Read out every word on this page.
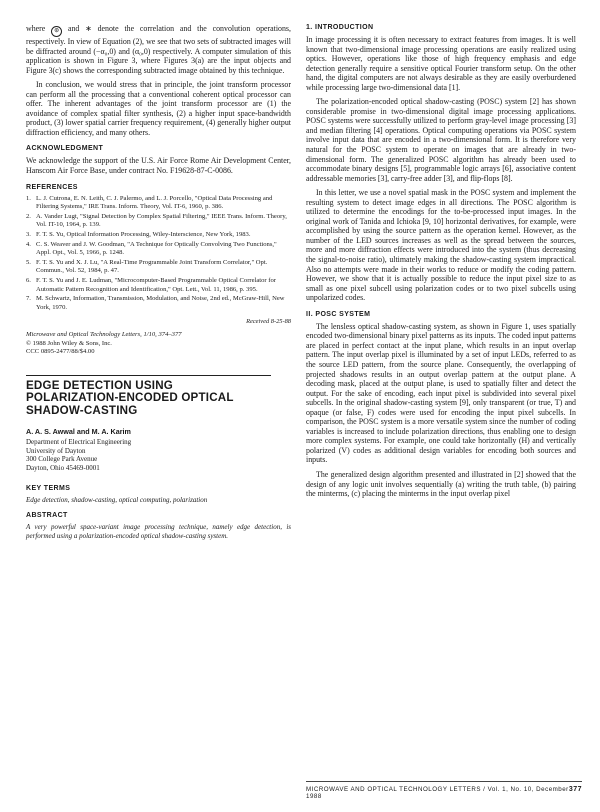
where ⊛ and ∗ denote the correlation and the convolution operations, respectively. In view of Equation (2), we see that two sets of subtracted images will be diffracted around (−α₀,0) and (α₀,0) respectively. A computer simulation of this application is shown in Figure 3, where Figures 3(a) are the input objects and Figure 3(c) shows the corresponding subtracted image obtained by this technique.

In conclusion, we would stress that in principle, the joint transform processor can perform all the processing that a conventional coherent optical processor can offer. The inherent advantages of the joint transform processor are (1) the avoidance of complex spatial filter synthesis, (2) a higher input space-bandwidth product, (3) lower spatial carrier frequency requirement, (4) generally higher output diffraction efficiency, and many others.

ACKNOWLEDGMENT

We acknowledge the support of the U.S. Air Force Rome Air Development Center, Hanscom Air Force Base, under contract No. F19628-87-C-0086.

REFERENCES
1. L. J. Cutrona, E. N. Leith, C. J. Palermo, and L. J. Porcello, "Optical Data Processing and Filtering Systems," IRE Trans. Inform. Theory, Vol. IT-6, 1960, p. 386.
2. A. Vander Lugt, "Signal Detection by Complex Spatial Filtering," IEEE Trans. Inform. Theory, Vol. IT-10, 1964, p. 139.
3. F. T. S. Yu, Optical Information Processing, Wiley-Interscience, New York, 1983.
4. C. S. Weaver and J. W. Goodman, "A Technique for Optically Convolving Two Functions," Appl. Opt., Vol. 5, 1966, p. 1248.
5. F. T. S. Yu and X. J. Lu, "A Real-Time Programmable Joint Transform Correlator," Opt. Commun., Vol. 52, 1984, p. 47.
6. F. T. S. Yu and J. E. Ludman, "Microcomputer-Based Programmable Optical Correlator for Automatic Pattern Recognition and Identification," Opt. Lett., Vol. 11, 1986, p. 395.
7. M. Schwartz, Information, Transmission, Modulation, and Noise, 2nd ed., McGraw-Hill, New York, 1970.
Received 8-25-88
Microwave and Optical Technology Letters, 1/10, 374–377
© 1988 John Wiley & Sons, Inc.
CCC 0895-2477/88/$4.00
EDGE DETECTION USING
POLARIZATION-ENCODED OPTICAL
SHADOW-CASTING
A. A. S. Awwal and M. A. Karim
Department of Electrical Engineering
University of Dayton
300 College Park Avenue
Dayton, Ohio 45469-0001
KEY TERMS
Edge detection, shadow-casting, optical computing, polarization
ABSTRACT
A very powerful space-variant image processing technique, namely edge detection, is performed using a polarization-encoded optical shadow-casting system.
1. INTRODUCTION

In image processing it is often necessary to extract features from images. It is well known that two-dimensional image processing operations are easily realized using optics. However, operations like those of high frequency emphasis and edge detection generally require a sensitive optical Fourier transform setup. On the other hand, the digital computers are not always desirable as they are easily overburdened while processing large two-dimensional data [1].

The polarization-encoded optical shadow-casting (POSC) system [2] has shown considerable promise in two-dimensional digital image processing applications. POSC systems were successfully utilized to perform gray-level image processing [3] and median filtering [4] operations. Optical computing operations via POSC system involve input data that are encoded in a two-dimensional form. It is therefore very natural for the POSC system to operate on images that are already in two-dimensional form. The generalized POSC algorithm has already been used to accommodate binary designs [5], programmable logic arrays [6], associative content addressable memories [3], carry-free adder [3], and flip-flops [8].

In this letter, we use a novel spatial mask in the POSC system and implement the resulting system to detect image edges in all directions. The POSC algorithm is utilized to determine the encodings for the to-be-processed input images. In the original work of Tanida and Ichioka [9, 10] horizontal derivatives, for example, were accomplished by using the source pattern as the operation kernel. However, as the number of the LED sources increases as well as the spread between the sources, more and more diffraction effects were introduced into the system (thus decreasing the signal-to-noise ratio), ultimately making the shadow-casting system impractical. Also no attempts were made in their works to reduce or modify the coding pattern. However, we show that it is actually possible to reduce the input pixel size to as small as one pixel subcell using polarization codes or to two pixel subcells using unpolarized codes.

II. POSC SYSTEM

The lensless optical shadow-casting system, as shown in Figure 1, uses spatially encoded two-dimensional binary pixel patterns as its inputs. The coded input patterns are placed in perfect contact at the input plane, which results in an input overlap pattern. The input overlap pixel is illuminated by a set of input LEDs, referred to as the source LED pattern, from the source plane. Consequently, the overlapping of projected shadows results in an output overlap pattern at the output plane. A decoding mask, placed at the output plane, is used to spatially filter and detect the output. For the sake of encoding, each input pixel is subdivided into several pixel subcells. In the original shadow-casting system [9], only transparent (or true, T) and opaque (or false, F) codes were used for encoding the input pixel subcells. In comparison, the POSC system is a more versatile system since the number of coding variables is increased to include polarization directions, thus enabling one to design more complex systems. For example, one could take horizontally (H) and vertically polarized (V) codes as additional design variables for encoding both sources and inputs.

The generalized design algorithm presented and illustrated in [2] showed that the design of any logic unit involves sequentially (a) writing the truth table, (b) pairing the minterms, (c) placing the minterms in the input overlap pixel

MICROWAVE AND OPTICAL TECHNOLOGY LETTERS / Vol. 1, No. 10, December 1988
377
